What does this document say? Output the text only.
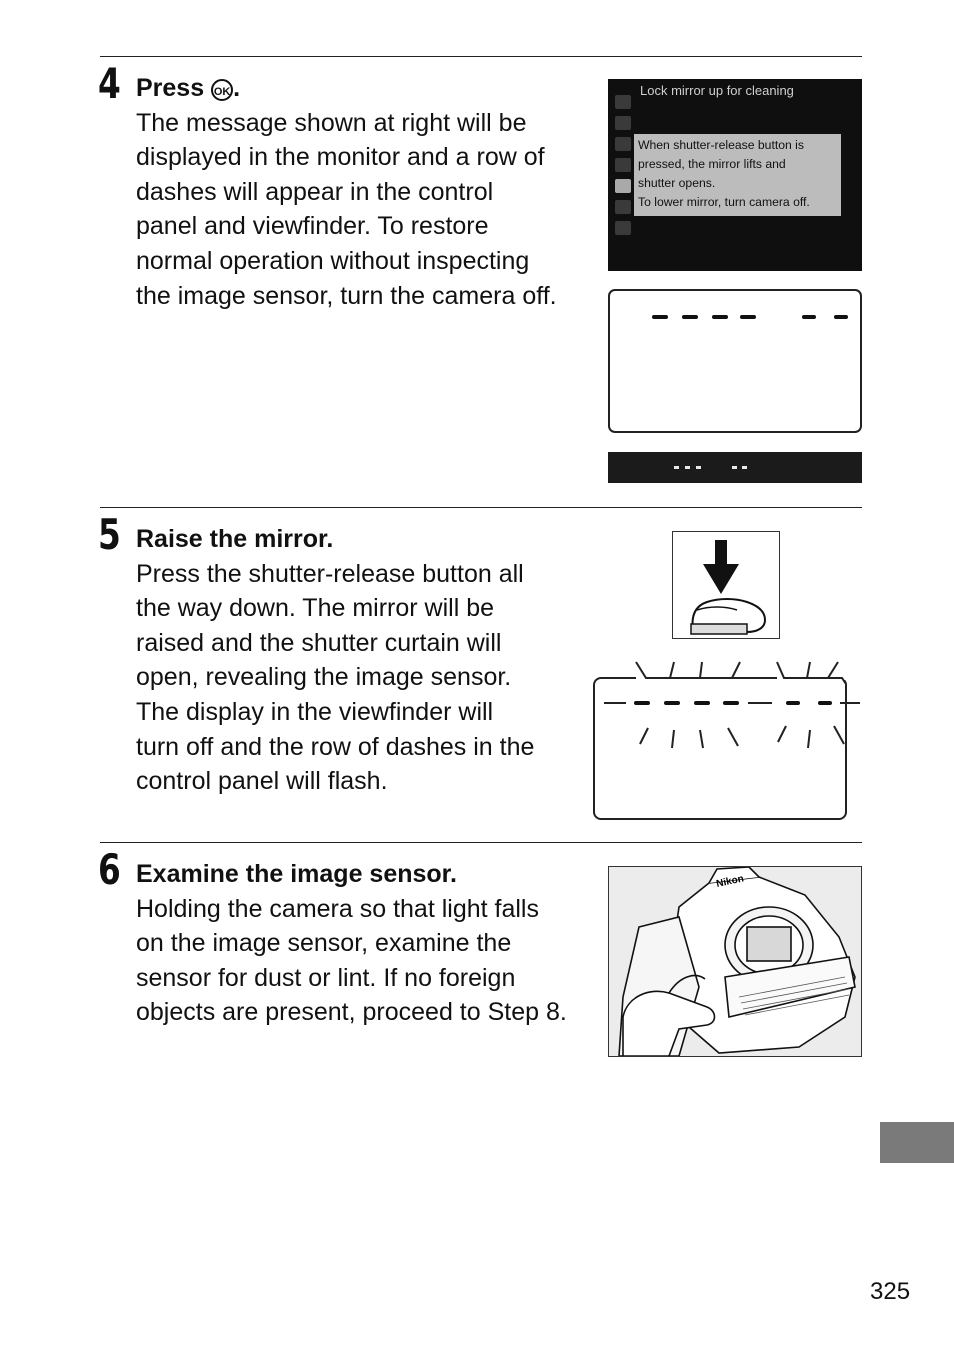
4 Press OK .
The message shown at right will be
displayed in the monitor and a row of
dashes will appear in the control
panel and viewfinder. To restore
normal operation without inspecting
the image sensor, turn the camera off.
Lock mirror up for cleaning
When shutter-release button is
pressed, the mirror lifts and
shutter opens.
To lower mirror, turn camera off.
5 Raise the mirror.
Press the shutter-release button all
the way down. The mirror will be
raised and the shutter curtain will
open, revealing the image sensor.
The display in the viewfinder will
turn off and the row of dashes in the
control panel will flash.
6 Examine the image sensor.
Holding the camera so that light falls
on the image sensor, examine the
sensor for dust or lint. If no foreign
objects are present, proceed to Step 8.
Nikon
325
